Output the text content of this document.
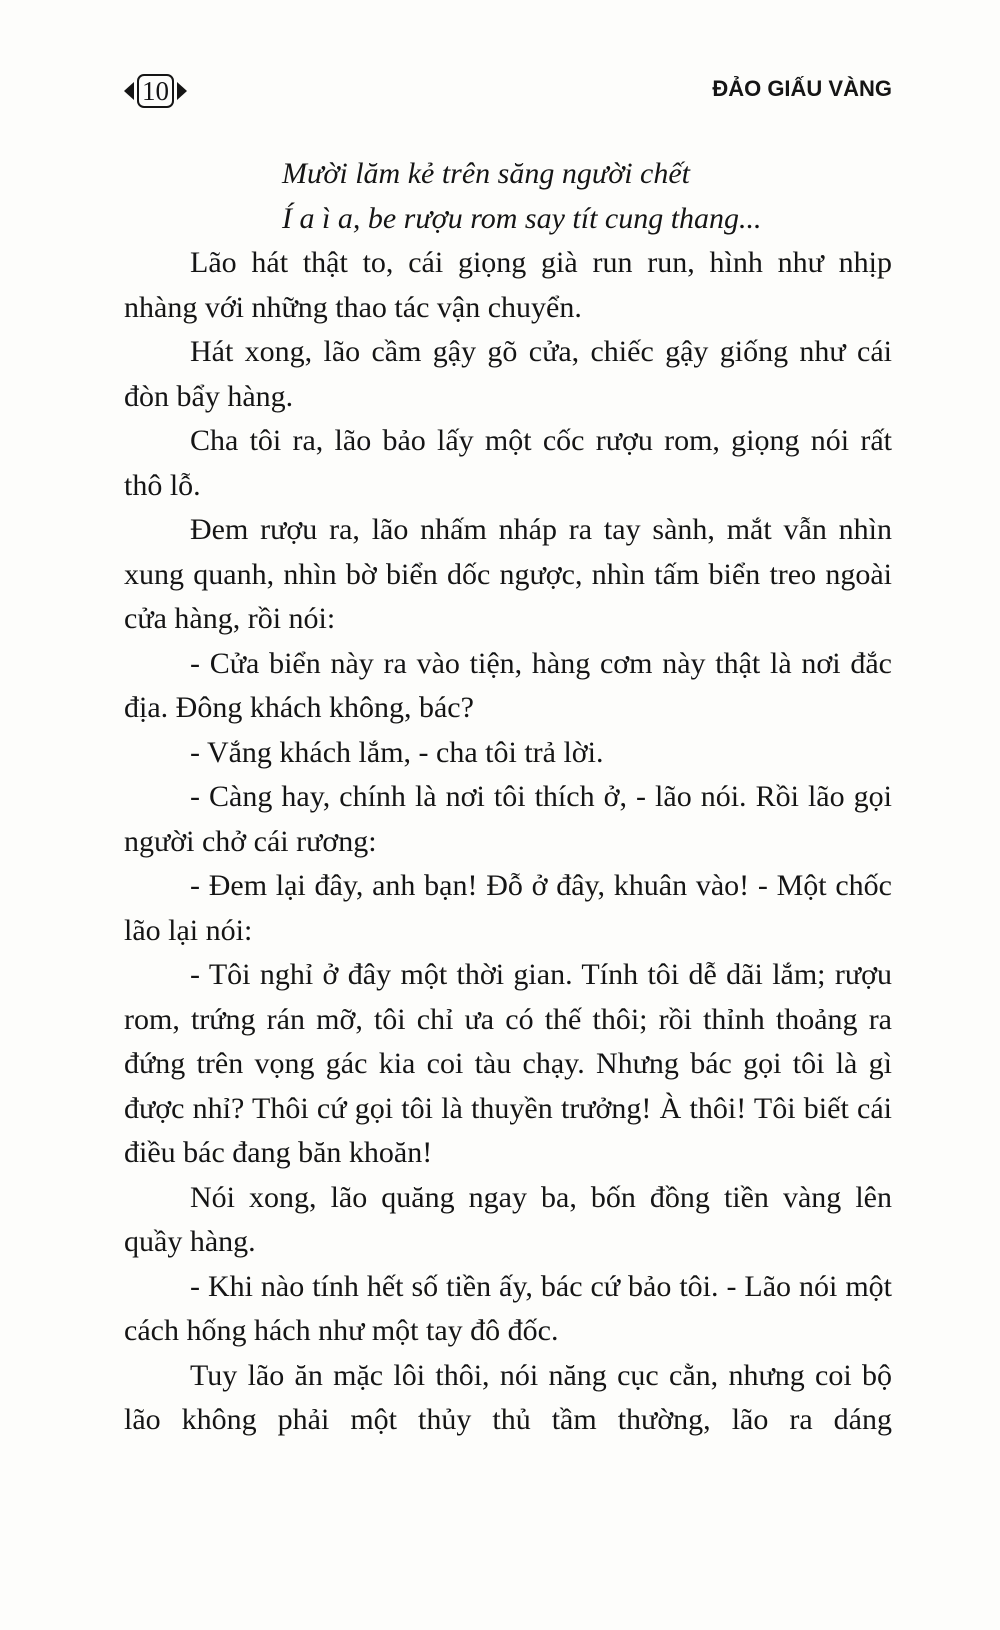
10	ĐẢO GIẤU VÀNG

Mười lăm kẻ trên săng người chết

Í a ì a, be rượu rom say tít cung thang...

Lão hát thật to, cái giọng già run run, hình như nhịp nhàng với những thao tác vận chuyển.

Hát xong, lão cầm gậy gõ cửa, chiếc gậy giống như cái đòn bẩy hàng.

Cha tôi ra, lão bảo lấy một cốc rượu rom, giọng nói rất thô lỗ.

Đem rượu ra, lão nhấm nháp ra tay sành, mắt vẫn nhìn xung quanh, nhìn bờ biển dốc ngược, nhìn tấm biển treo ngoài cửa hàng, rồi nói:

- Cửa biển này ra vào tiện, hàng cơm này thật là nơi đắc địa. Đông khách không, bác?

- Vắng khách lắm, - cha tôi trả lời.

- Càng hay, chính là nơi tôi thích ở, - lão nói. Rồi lão gọi người chở cái rương:

- Đem lại đây, anh bạn! Đỗ ở đây, khuân vào! - Một chốc lão lại nói:

- Tôi nghỉ ở đây một thời gian. Tính tôi dễ dãi lắm; rượu rom, trứng rán mỡ, tôi chỉ ưa có thế thôi; rồi thỉnh thoảng ra đứng trên vọng gác kia coi tàu chạy. Nhưng bác gọi tôi là gì được nhỉ? Thôi cứ gọi tôi là thuyền trưởng! À thôi! Tôi biết cái điều bác đang băn khoăn!

Nói xong, lão quăng ngay ba, bốn đồng tiền vàng lên quầy hàng.

- Khi nào tính hết số tiền ấy, bác cứ bảo tôi. - Lão nói một cách hống hách như một tay đô đốc.

Tuy lão ăn mặc lôi thôi, nói năng cục cằn, nhưng coi bộ lão không phải một thủy thủ tầm thường, lão ra dáng
